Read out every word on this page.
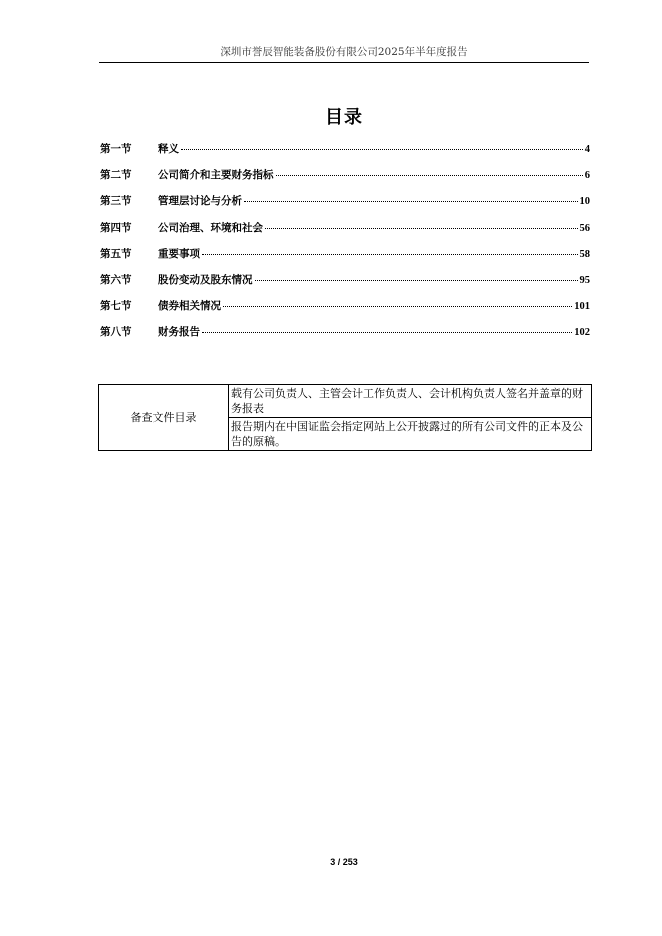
深圳市誉辰智能装备股份有限公司2025年半年度报告
目录
第一节	释义	4
第二节	公司简介和主要财务指标	6
第三节	管理层讨论与分析	10
第四节	公司治理、环境和社会	56
第五节	重要事项	58
第六节	股份变动及股东情况	95
第七节	债券相关情况	101
第八节	财务报告	102
备查文件目录	载有公司负责人、主管会计工作负责人、会计机构负责人签名并盖章的财务报表
报告期内在中国证监会指定网站上公开披露过的所有公司文件的正本及公告的原稿。
3 / 253
